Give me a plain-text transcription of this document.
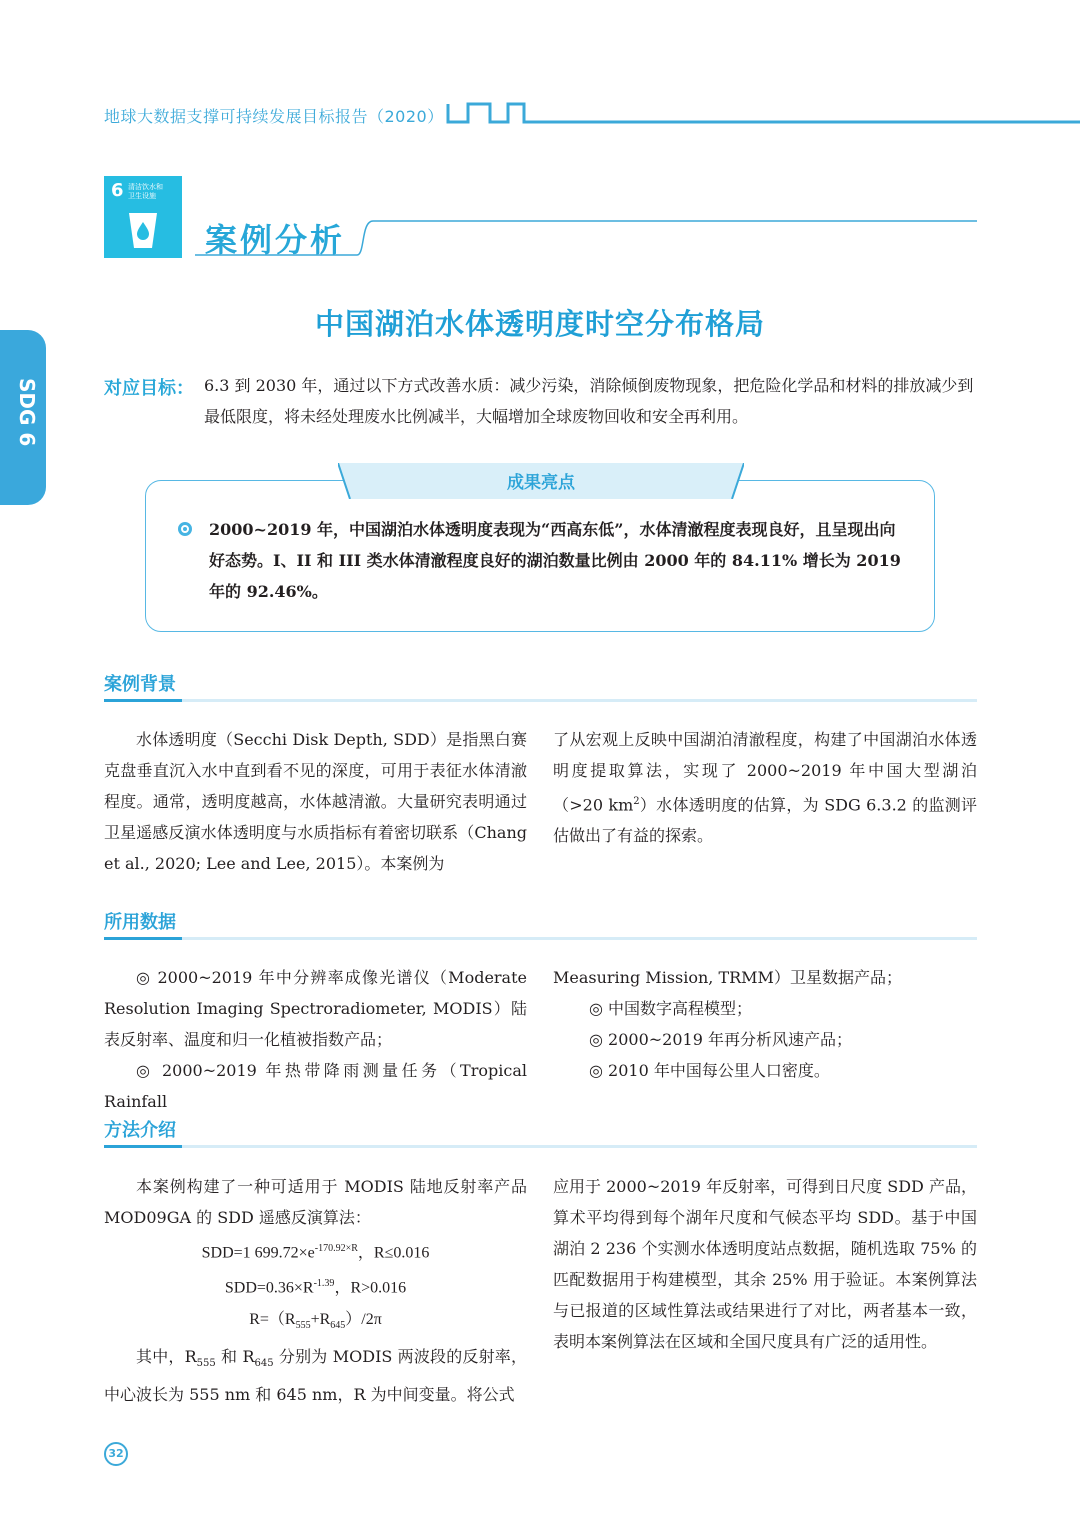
地球大数据支撑可持续发展目标报告（2020）
6 清洁饮水和
卫生设施
案例分析
SDG 6
中国湖泊水体透明度时空分布格局
对应目标： 6.3 到 2030 年，通过以下方式改善水质：减少污染，消除倾倒废物现象，把危险化学品和材料的排放减少到最低限度，将未经处理废水比例减半，大幅增加全球废物回收和安全再利用。
成果亮点
2000~2019 年，中国湖泊水体透明度表现为“西高东低”，水体清澈程度表现良好，且呈现出向好态势。I、II 和 III 类水体清澈程度良好的湖泊数量比例由 2000 年的 84.11% 增长为 2019 年的 92.46%。
案例背景

水体透明度（Secchi Disk Depth, SDD）是指黑白赛克盘垂直沉入水中直到看不见的深度，可用于表征水体清澈程度。通常，透明度越高，水体越清澈。大量研究表明通过卫星遥感反演水体透明度与水质指标有着密切联系（Chang et al., 2020; Lee and Lee, 2015）。本案例为

了从宏观上反映中国湖泊清澈程度，构建了中国湖泊水体透明度提取算法，实现了 2000~2019 年中国大型湖泊（>20 $km^2$）水体透明度的估算，为 SDG 6.3.2 的监测评估做出了有益的探索。

所用数据

◎ 2000~2019 年中分辨率成像光谱仪（Moderate Resolution Imaging Spectroradiometer, MODIS）陆表反射率、温度和归一化植被指数产品；

◎ 2000~2019 年热带降雨测量任务（Tropical Rainfall

Measuring Mission, TRMM）卫星数据产品；

◎ 中国数字高程模型；

◎ 2000~2019 年再分析风速产品；

◎ 2010 年中国每公里人口密度。

方法介绍

本案例构建了一种可适用于 MODIS 陆地反射率产品 MOD09GA 的 SDD 遥感反演算法：

SDD=1 $699.72\times e^{-170.92\times R}$，R≤0.016

$SDD=0.36\times R^{-1.39}$，R>0.016

$R=(R_{555}+R_{645})/2\pi$

其中，$R_{555}$ 和 $R_{645}$ 分别为 MODIS 两波段的反射率，中心波长为 555 nm 和 645 nm，R 为中间变量。将公式

应用于 2000~2019 年反射率，可得到日尺度 SDD 产品，算术平均得到每个湖年尺度和气候态平均 SDD。基于中国湖泊 2 236 个实测水体透明度站点数据，随机选取 75% 的匹配数据用于构建模型，其余 25% 用于验证。本案例算法与已报道的区域性算法或结果进行了对比，两者基本一致，表明本案例算法在区域和全国尺度具有广泛的适用性。

32
